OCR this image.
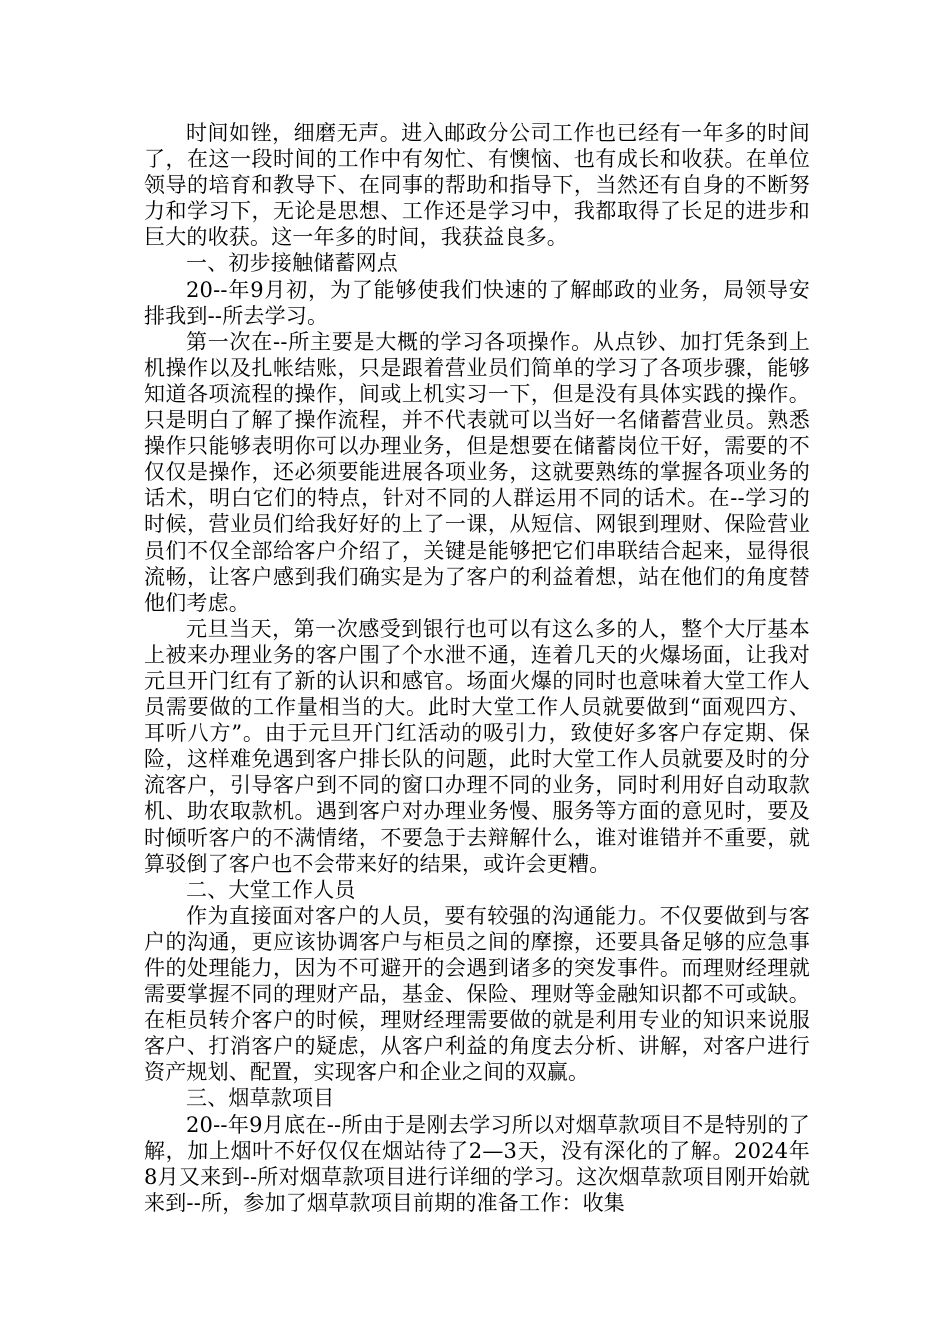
时间如锉，细磨无声。进入邮政分公司工作也已经有一年多的时间了，在这一段时间的工作中有匆忙、有懊恼、也有成长和收获。在单位领导的培育和教导下、在同事的帮助和指导下，当然还有自身的不断努力和学习下，无论是思想、工作还是学习中，我都取得了长足的进步和巨大的收获。这一年多的时间，我获益良多。

一、初步接触储蓄网点

20--年9月初，为了能够使我们快速的了解邮政的业务，局领导安排我到--所去学习。

第一次在--所主要是大概的学习各项操作。从点钞、加打凭条到上机操作以及扎帐结账，只是跟着营业员们简单的学习了各项步骤，能够知道各项流程的操作，间或上机实习一下，但是没有具体实践的操作。只是明白了解了操作流程，并不代表就可以当好一名储蓄营业员。熟悉操作只能够表明你可以办理业务，但是想要在储蓄岗位干好，需要的不仅仅是操作，还必须要能进展各项业务，这就要熟练的掌握各项业务的话术，明白它们的特点，针对不同的人群运用不同的话术。在--学习的时候，营业员们给我好好的上了一课，从短信、网银到理财、保险营业员们不仅全部给客户介绍了，关键是能够把它们串联结合起来，显得很流畅，让客户感到我们确实是为了客户的利益着想，站在他们的角度替他们考虑。

元旦当天，第一次感受到银行也可以有这么多的人，整个大厅基本上被来办理业务的客户围了个水泄不通，连着几天的火爆场面，让我对元旦开门红有了新的认识和感官。场面火爆的同时也意味着大堂工作人员需要做的工作量相当的大。此时大堂工作人员就要做到“面观四方、耳听八方”。由于元旦开门红活动的吸引力，致使好多客户存定期、保险，这样难免遇到客户排长队的问题，此时大堂工作人员就要及时的分流客户，引导客户到不同的窗口办理不同的业务，同时利用好自动取款机、助农取款机。遇到客户对办理业务慢、服务等方面的意见时，要及时倾听客户的不满情绪，不要急于去辩解什么，谁对谁错并不重要，就算驳倒了客户也不会带来好的结果，或许会更糟。

二、大堂工作人员

作为直接面对客户的人员，要有较强的沟通能力。不仅要做到与客户的沟通，更应该协调客户与柜员之间的摩擦，还要具备足够的应急事件的处理能力，因为不可避开的会遇到诸多的突发事件。而理财经理就需要掌握不同的理财产品，基金、保险、理财等金融知识都不可或缺。在柜员转介客户的时候，理财经理需要做的就是利用专业的知识来说服客户、打消客户的疑虑，从客户利益的角度去分析、讲解，对客户进行资产规划、配置，实现客户和企业之间的双赢。

三、烟草款项目

20--年9月底在--所由于是刚去学习所以对烟草款项目不是特别的了解，加上烟叶不好仅仅在烟站待了2—3天，没有深化的了解。2024年8月又来到--所对烟草款项目进行详细的学习。这次烟草款项目刚开始就来到--所，参加了烟草款项目前期的准备工作：收集
